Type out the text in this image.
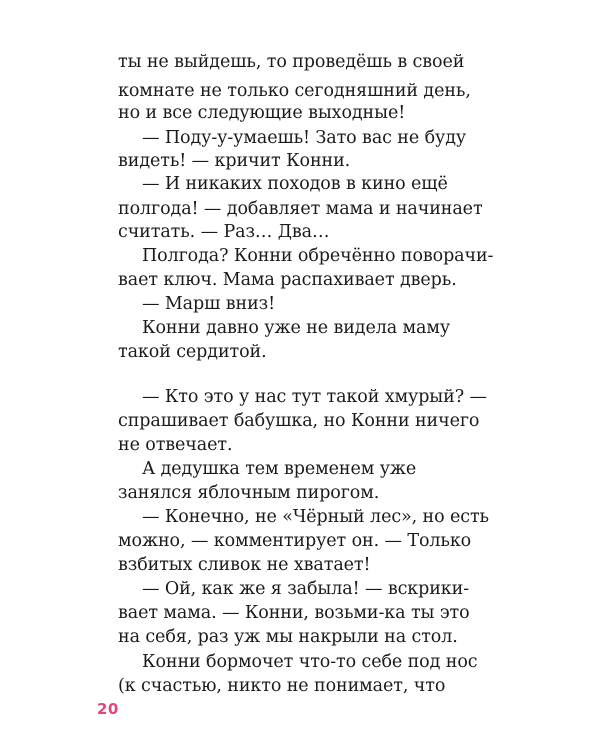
ты не выйдешь, то проведёшь в своей

комнате не только сегодняшний день,

но и все следующие выходные!

— Поду-у-умаешь! Зато вас не буду

видеть! — кричит Конни.

— И никаких походов в кино ещё

полгода! — добавляет мама и начинает

считать. — Раз… Два…

Полгода? Конни обречённо поворачи-

вает ключ. Мама распахивает дверь.

— Марш вниз!

Конни давно уже не видела маму

такой сердитой.

— Кто это у нас тут такой хмурый? —

спрашивает бабушка, но Конни ничего

не отвечает.

А дедушка тем временем уже

занялся яблочным пирогом.

— Конечно, не «Чёрный лес», но есть

можно, — комментирует он. — Только

взбитых сливок не хватает!

— Ой, как же я забыла! — вскрики-

вает мама. — Конни, возьми-ка ты это

на себя, раз уж мы накрыли на стол.

Конни бормочет что-то себе под нос

(к счастью, никто не понимает, что

20
